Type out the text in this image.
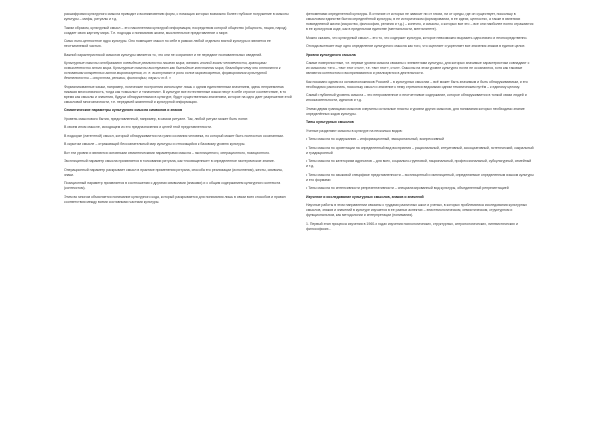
расшифровки культурного смысла приводят к возникновению форм, с помощью которых возможно более глубокое погружение в смыслы культуры – мифы, ритуалы и т.д.

Таким образом, культурный смысл – это накопленная культурой информация, посредством которой общество (общность, нация, народ) создает свою картину мира. Т.е. подходы к пониманию жизни, мыслительное представление о мире.

Смыс льно-ценностное ядро культуры. Оно помещает смысл по себе в рамках любой отдельно взятой культуры и является ее неотъемлемой частью.

Важной характеристикой смыслов культуры является то, что они не сохраняют и не передают познавательных сведений.

Культурные смыслы отображают очевидные реальности нашего мира, являясь глиной жизни человечности, границами осмысленности этого мира. Культурные смыслы выступают как бытийные константы мира, благодаря чему они относятся к основаниям конкретных актов мировоззрения, т. е. выступают в роли основ мировоззрения, формирования культурной деятельности – искусства, религии, философии, науки и т.д. »

Формализованные языки, например, логические построения используют лишь с одним единственным значением, здесь неприемлема никакая многозначность, тогда как «смыслы» и «значения». В культуре все естественные языки несут в себе строгое соответствие, в то время как смыслы и значения, будучи обнаруженными в культуре, будут существенным значением, которое на одно дает разрешение этой смысловой многозначности, т.е. передачей жизненной и культурной информации.

Семантические параметры культурного смысла символов и знаков

Уровень смыслового бытия, представленный, например, в самом ритуале. Так, любой ритуал может быть понят.

В своем ином смысле, исходящем из его предназначения и целей этой представленности.

В подкорке (латентной) смысл, который обнаруживается на грани сознания человека, но который может быть полностью осознанным.

В скрытом смысле – отражающий бессознательный мир культуры и относящийся к базовому уровню культуры.

Вот эти уровни и являются основными семантическими параметрами смысла – эксплицитного, операционного, позиционного.

Эксплицитный параметр смысла проявляется в толковании ритуала, как «посвященные» в определенное эзотерическое знание.

Операционный параметр раскрывает смысл в практике применения ритуала, способа его реализации (исполнения), жесты, символы, знаки.

Позиционный параметр проявляется в соотношении с другими символами (знаками) и с общим содержанием культурного контекста (контекстом).

Этим во многом объясняется понимание культурного кода, который раскрывается для понимания лишь в связи всех способов и правил соответствия между всеми составными частями культуры.

феноменами определенной культуры. В отличие от которых не зависит ни от эпохи, ни от среды, где он существует, поскольку в смысловом единстве бытия определённой культуры, в ее историческом формировании, в ее идеях, ценностях, а также в явлениях повседневной жизни (искусство, философия, религия и т.д.) – конечно, и смыслы, о которых все это – все они наиболее полно отражаются в ее культурном коде, как в предельном единстве (ментальности, менталитете).

Можно сказать, что культурный смысл – это то, что содержит культура, которое невозможно выразить однозначно и неопосредственно.

Отсюда вытекает еще одно определение культурного смысла как того, что сцепляет и укрепляет все значения знаков в единое целое.

Уровни культурного смысла

Самые поверхностные, т.е. первые уровни смысла связаны с элементами культуры, для которых значимые характеристики совпадают с их смыслом: «это – «вот этот стол», т.е. «вот этот», стол». Смыслы на этом уровне культурно почти не осознаются, хотя как таковые являются контекстом и воспринимаются и реализуются в деятельности.

Как показано одним из основоположников Россией – в культурных смыслах – всё может быть значимым и быть обнаруживаемым, и его необходимо распознать, поскольку смысл и значение к нему стремятся ведомыми одним тематическим путём – к единому целому.

Самый глубинный уровень смысла – это непроявленное и неотчетливое содержание, которое обнаруживается в тонкой связи людей и иносказательности, идеалов и т.д.

Этими двумя границами смыслов очерчены остальные пласты и уровни других смыслов, для понимания которых необходимо знание определённых кодов культуры.

Типы культурных смыслов

Ученые разделяют смыслы в культуре на несколько видов:

• Типы смысла по содержанию – информационный, эмоциональный, экспрессивный

• Типы смысла по ориентации на определенный вид восприятия – рациональный, интуитивный, ассоциативный, эстетический, сакральный и традиционный

• Типы смысла по категориям адресатов – для всех, социально-групповой, национальный, профессиональный, субкультурный, семейный и т.д.

• Типы смысла по языковой специфике представленности – эксплицитный и имплицитный, определяемые определенным языком культуры и его формами

• Типы смысла по интенсивности репрезентативности – специализированный вид культуры, объединенный репрезентацией

Изучение и исследование культурных смыслов, знаков и значений

Научные работы в этом направлении связаны с трудами различных школ и ученых, в которых проблематика исследования культурных смыслов, знаков и значений в культуре изучается в ее разных аспектах – эпистемологическом, семиотическом, структурном и функциональном, как методологии и интерпретации (понимания).

1. Первый этап процесса изучения в 1960-х годах изучения психологических, структурных, антропологических, лингвистических и философских...
